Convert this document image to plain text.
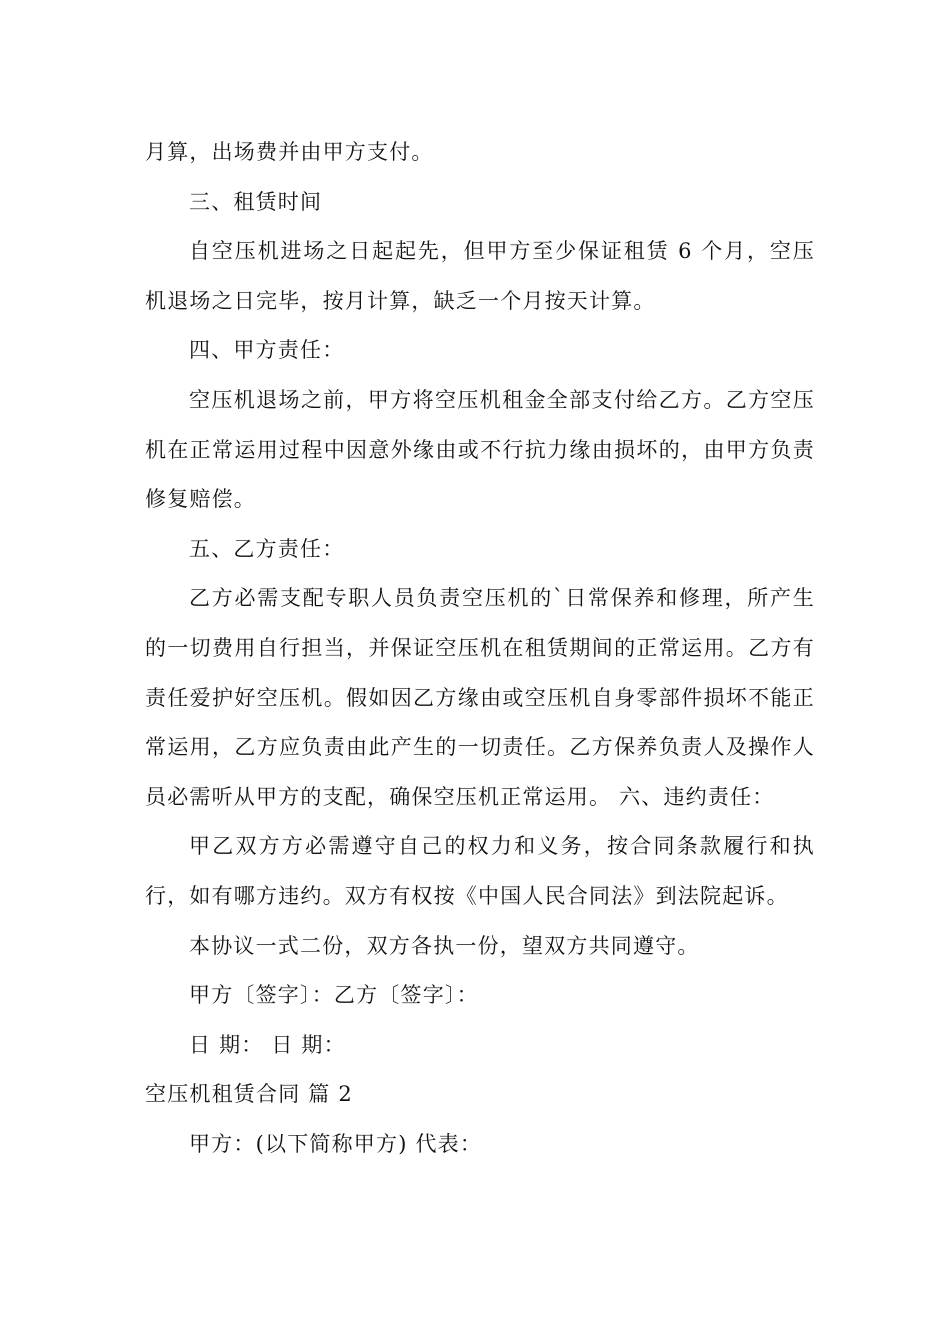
月算，出场费并由甲方支付。

三、租赁时间

自空压机进场之日起起先，但甲方至少保证租赁 6 个月，空压机退场之日完毕，按月计算，缺乏一个月按天计算。

四、甲方责任：

空压机退场之前，甲方将空压机租金全部支付给乙方。乙方空压机在正常运用过程中因意外缘由或不行抗力缘由损坏的，由甲方负责修复赔偿。

五、乙方责任：

乙方必需支配专职人员负责空压机的`日常保养和修理，所产生的一切费用自行担当，并保证空压机在租赁期间的正常运用。乙方有责任爱护好空压机。假如因乙方缘由或空压机自身零部件损坏不能正常运用，乙方应负责由此产生的一切责任。乙方保养负责人及操作人员必需听从甲方的支配，确保空压机正常运用。 六、违约责任：

甲乙双方方必需遵守自己的权力和义务，按合同条款履行和执行，如有哪方违约。双方有权按《中国人民合同法》到法院起诉。

本协议一式二份，双方各执一份，望双方共同遵守。

甲方〔签字〕：乙方〔签字〕：

日 期： 日 期：

空压机租赁合同 篇 2

甲方：(以下简称甲方) 代表：
